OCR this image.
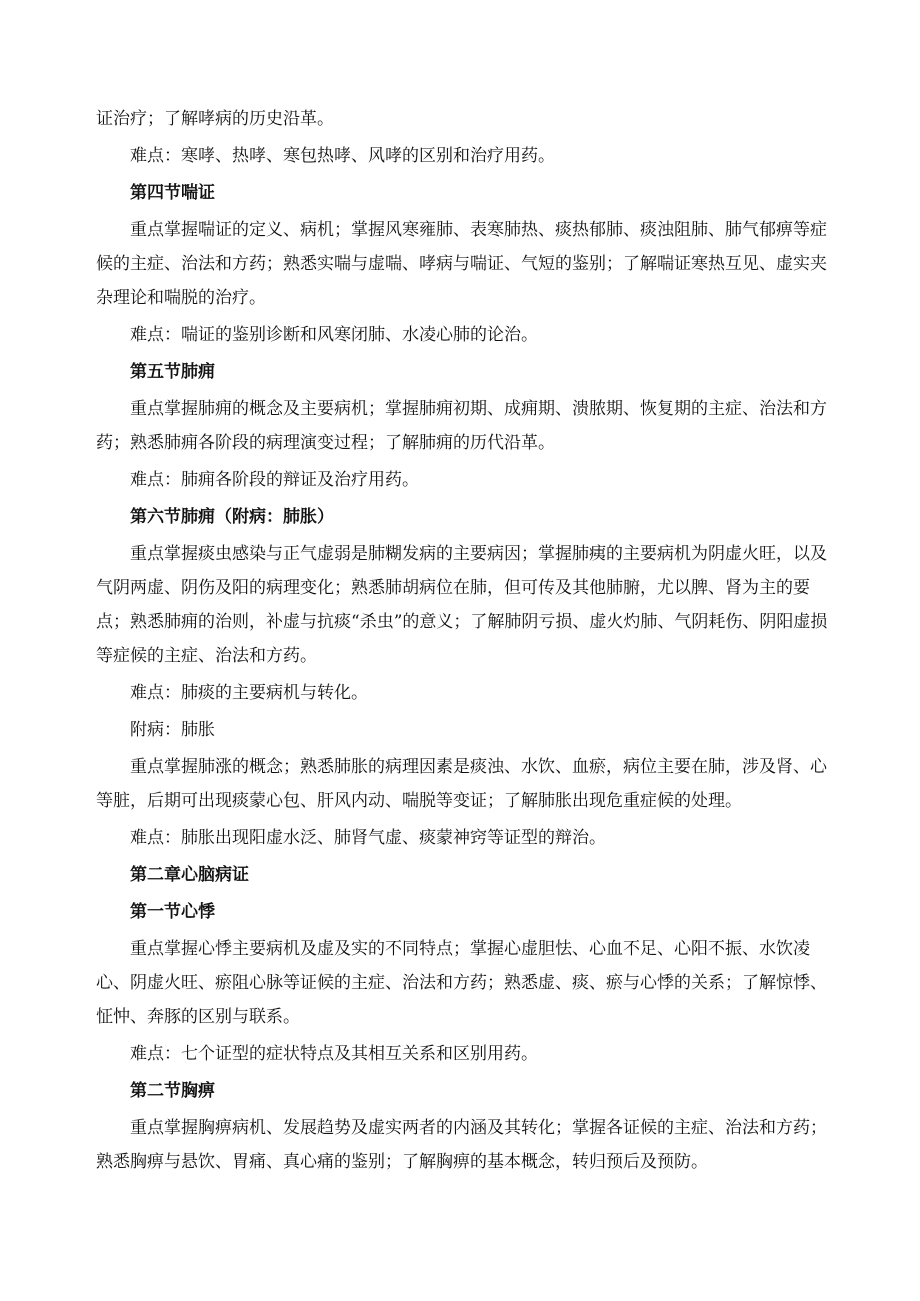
证治疗；了解哮病的历史沿革。

难点：寒哮、热哮、寒包热哮、风哮的区别和治疗用药。

第四节喘证

重点掌握喘证的定义、病机；掌握风寒雍肺、表寒肺热、痰热郁肺、痰浊阻肺、肺气郁痹等症候的主症、治法和方药；熟悉实喘与虚喘、哮病与喘证、气短的鉴别；了解喘证寒热互见、虚实夹杂理论和喘脱的治疗。

难点：喘证的鉴别诊断和风寒闭肺、水凌心肺的论治。

第五节肺痈

重点掌握肺痈的概念及主要病机；掌握肺痈初期、成痈期、溃脓期、恢复期的主症、治法和方药；熟悉肺痈各阶段的病理演变过程；了解肺痈的历代沿革。

难点：肺痈各阶段的辩证及治疗用药。

第六节肺痈（附病：肺胀）

重点掌握痰虫感染与正气虚弱是肺糊发病的主要病因；掌握肺痍的主要病机为阴虚火旺，以及气阴两虚、阴伤及阳的病理变化；熟悉肺胡病位在肺，但可传及其他肺腑，尤以脾、肾为主的要点；熟悉肺痈的治则，补虚与抗痰“杀虫”的意义；了解肺阴亏损、虚火灼肺、气阴耗伤、阴阳虚损等症候的主症、治法和方药。

难点：肺痰的主要病机与转化。

附病：肺胀

重点掌握肺涨的概念；熟悉肺胀的病理因素是痰浊、水饮、血瘀，病位主要在肺，涉及肾、心等脏，后期可出现痰蒙心包、肝风内动、喘脱等变证；了解肺胀出现危重症候的处理。

难点：肺胀出现阳虚水泛、肺肾气虚、痰蒙神窍等证型的辩治。

第二章心脑病证

第一节心悸

重点掌握心悸主要病机及虚及实的不同特点；掌握心虚胆怯、心血不足、心阳不振、水饮凌心、阴虚火旺、瘀阻心脉等证候的主症、治法和方药；熟悉虚、痰、瘀与心悸的关系；了解惊悸、怔忡、奔豚的区别与联系。

难点：七个证型的症状特点及其相互关系和区别用药。

第二节胸痹

重点掌握胸痹病机、发展趋势及虚实两者的内涵及其转化；掌握各证候的主症、治法和方药；熟悉胸痹与悬饮、胃痛、真心痛的鉴别；了解胸痹的基本概念，转归预后及预防。
